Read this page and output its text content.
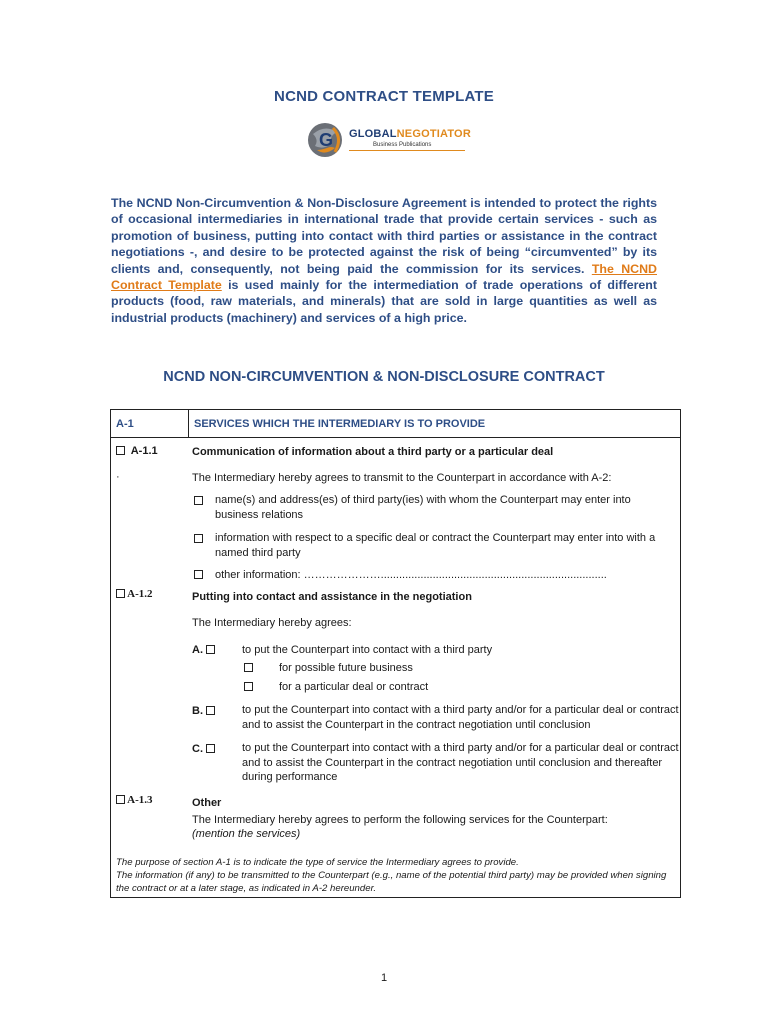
NCND CONTRACT TEMPLATE
G GLOBALNEGOTIATOR
Business Publications
The NCND Non-Circumvention & Non-Disclosure Agreement is intended to protect the rights of occasional intermediaries in international trade that provide certain services - such as promotion of business, putting into contact with third parties or assistance in the contract negotiations -, and desire to be protected against the risk of being “circumvented” by its clients and, consequently, not being paid the commission for its services. The NCND Contract Template is used mainly for the intermediation of trade operations of different products (food, raw materials, and minerals) that are sold in large quantities as well as industrial products (machinery) and services of a high price.
NCND NON-CIRCUMVENTION & NON-DISCLOSURE CONTRACT
A-1	SERVICES WHICH THE INTERMEDIARY IS TO PROVIDE
A-1.1	Communication of information about a third party or a particular deal
·	The Intermediary hereby agrees to transmit to the Counterpart in accordance with A-2:
name(s) and address(es) of third party(ies) with whom the Counterpart may enter into business relations
information with respect to a specific deal or contract the Counterpart may enter into with a named third party
other information: …………………..........................................................................
A-1.2	Putting into contact and assistance in the negotiation
The Intermediary hereby agrees:
A.	to put the Counterpart into contact with a third party
for possible future business
for a particular deal or contract
B.	to put the Counterpart into contact with a third party and/or for a particular deal or contract and to assist the Counterpart in the contract negotiation until conclusion
C.	to put the Counterpart into contact with a third party and/or for a particular deal or contract and to assist the Counterpart in the contract negotiation until conclusion and thereafter during performance
A-1.3	Other
The Intermediary hereby agrees to perform the following services for the Counterpart:
(mention the services)
The purpose of section A-1 is to indicate the type of service the Intermediary agrees to provide.
The information (if any) to be transmitted to the Counterpart (e.g., name of the potential third party) may be provided when signing the contract or at a later stage, as indicated in A-2 hereunder.
1
